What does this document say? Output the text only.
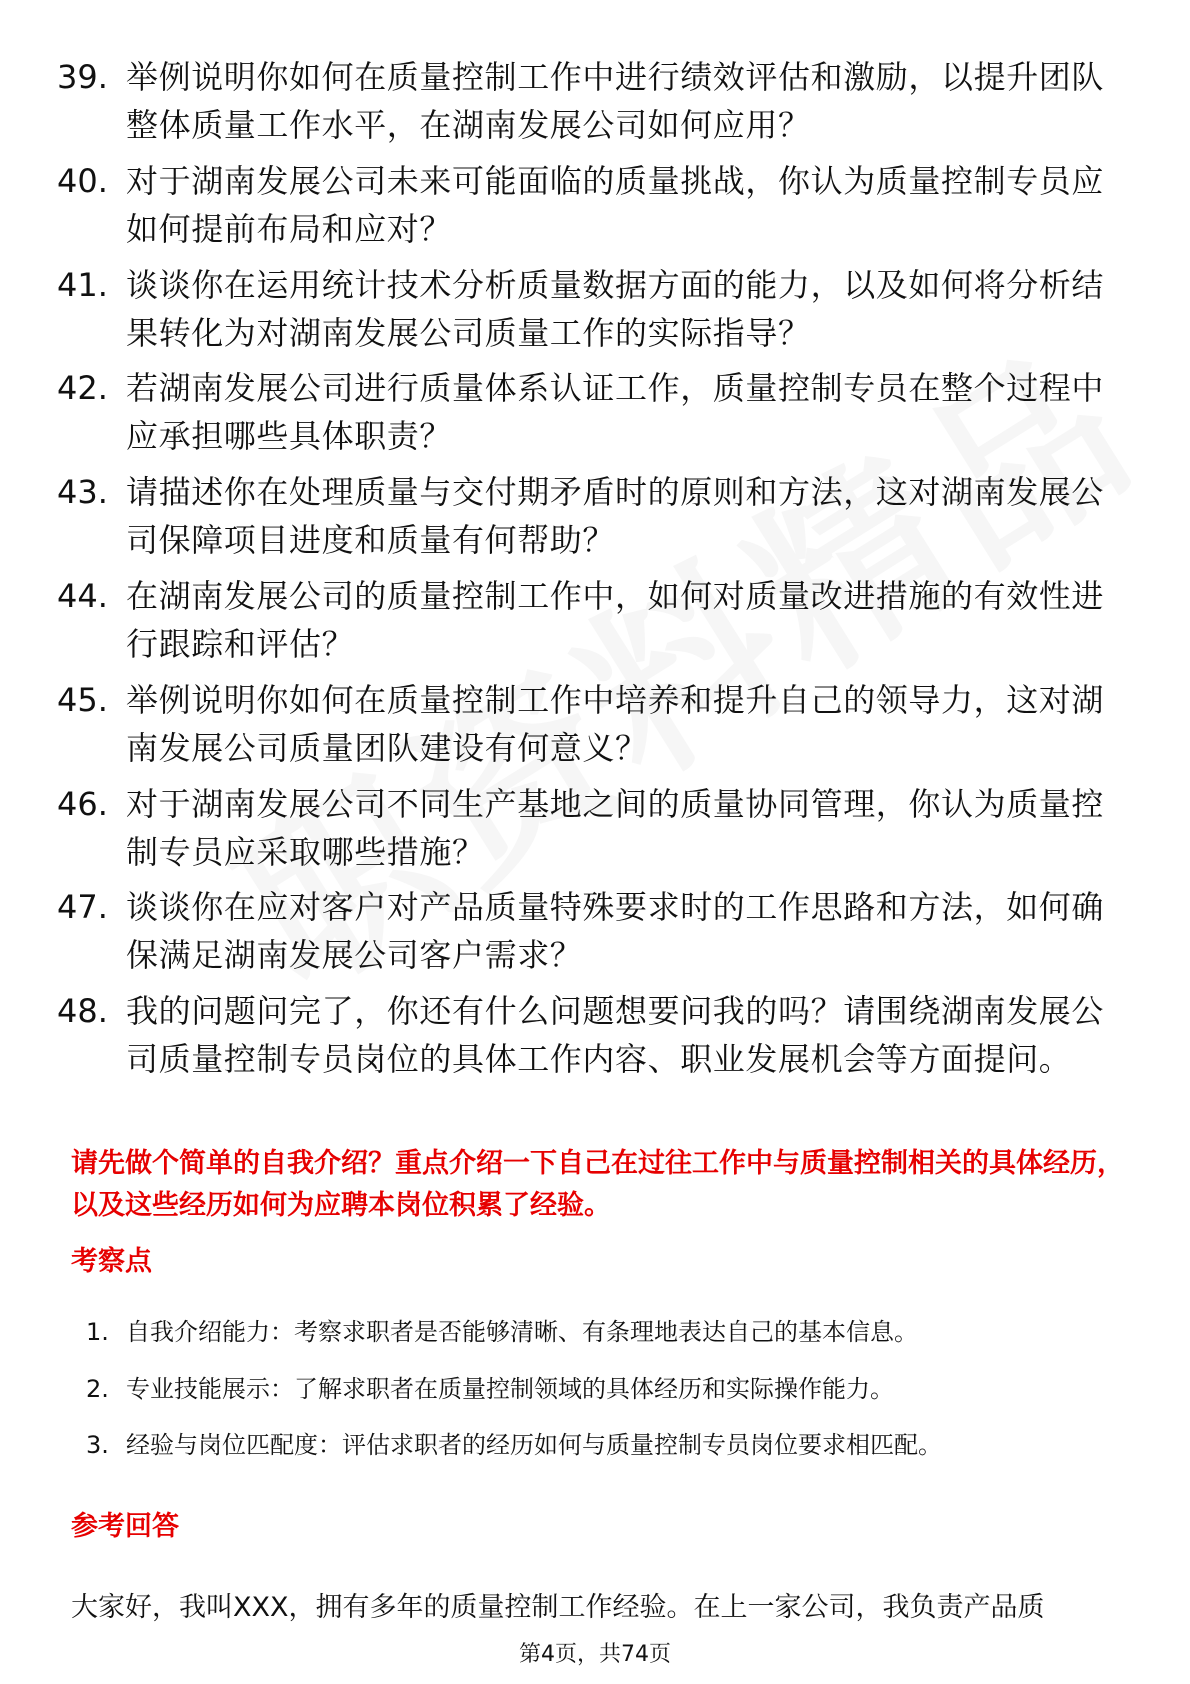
39. 举例说明你如何在质量控制工作中进行绩效评估和激励，以提升团队整体质量工作水平，在湖南发展公司如何应用？
40. 对于湖南发展公司未来可能面临的质量挑战，你认为质量控制专员应如何提前布局和应对？
41. 谈谈你在运用统计技术分析质量数据方面的能力，以及如何将分析结果转化为对湖南发展公司质量工作的实际指导？
42. 若湖南发展公司进行质量体系认证工作，质量控制专员在整个过程中应承担哪些具体职责？
43. 请描述你在处理质量与交付期矛盾时的原则和方法，这对湖南发展公司保障项目进度和质量有何帮助？
44. 在湖南发展公司的质量控制工作中，如何对质量改进措施的有效性进行跟踪和评估？
45. 举例说明你如何在质量控制工作中培养和提升自己的领导力，这对湖南发展公司质量团队建设有何意义？
46. 对于湖南发展公司不同生产基地之间的质量协同管理，你认为质量控制专员应采取哪些措施？
47. 谈谈你在应对客户对产品质量特殊要求时的工作思路和方法，如何确保满足湖南发展公司客户需求？
48. 我的问题问完了，你还有什么问题想要问我的吗？请围绕湖南发展公司质量控制专员岗位的具体工作内容、职业发展机会等方面提问。
请先做个简单的自我介绍？重点介绍一下自己在过往工作中与质量控制相关的具体经历，以及这些经历如何为应聘本岗位积累了经验。
考察点
1. 自我介绍能力：考察求职者是否能够清晰、有条理地表达自己的基本信息。
2. 专业技能展示：了解求职者在质量控制领域的具体经历和实际操作能力。
3. 经验与岗位匹配度：评估求职者的经历如何与质量控制专员岗位要求相匹配。
参考回答
大家好，我叫XXX，拥有多年的质量控制工作经验。在上一家公司，我负责产品质
第4页，共74页
